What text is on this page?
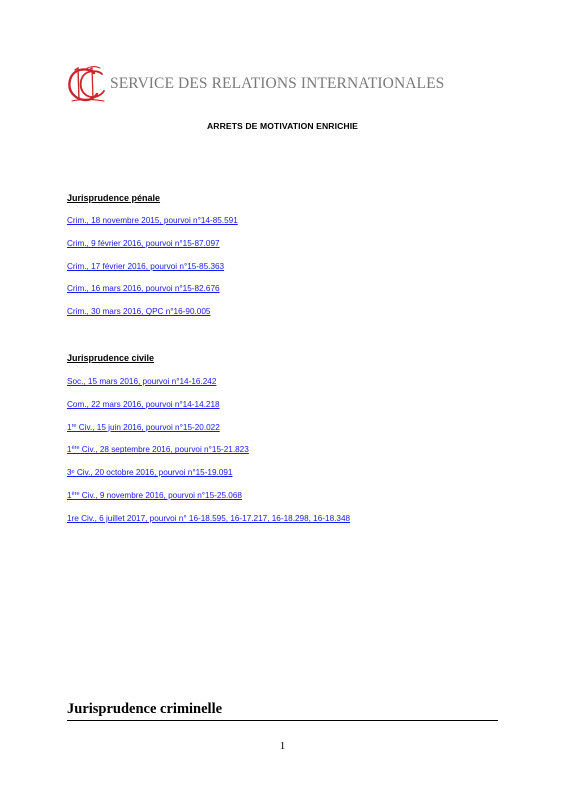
SERVICE DES RELATIONS INTERNATIONALES
ARRETS DE MOTIVATION ENRICHIE
Jurisprudence pénale
Crim., 18 novembre 2015, pourvoi n°14-85.591
Crim., 9 février 2016, pourvoi n°15-87.097
Crim., 17 février 2016, pourvoi n°15-85.363
Crim., 16 mars 2016, pourvoi n°15-82.676
Crim., 30 mars 2016, QPC n°16-90.005
Jurisprudence civile
Soc., 15 mars 2016, pourvoi n°14-16.242
Com., 22 mars 2016, pourvoi n°14-14.218
1re Civ., 15 juin 2016, pourvoi n°15-20.022
1ère Civ., 28 septembre 2016, pourvoi n°15-21.823
3ᵉ Civ., 20 octobre 2016, pourvoi n°15-19.091
1ère Civ., 9 novembre 2016, pourvoi n°15-25.068
1re Civ., 6 juillet 2017, pourvoi n° 16-18.595, 16-17.217, 16-18.298, 16-18.348
Jurisprudence criminelle
1
